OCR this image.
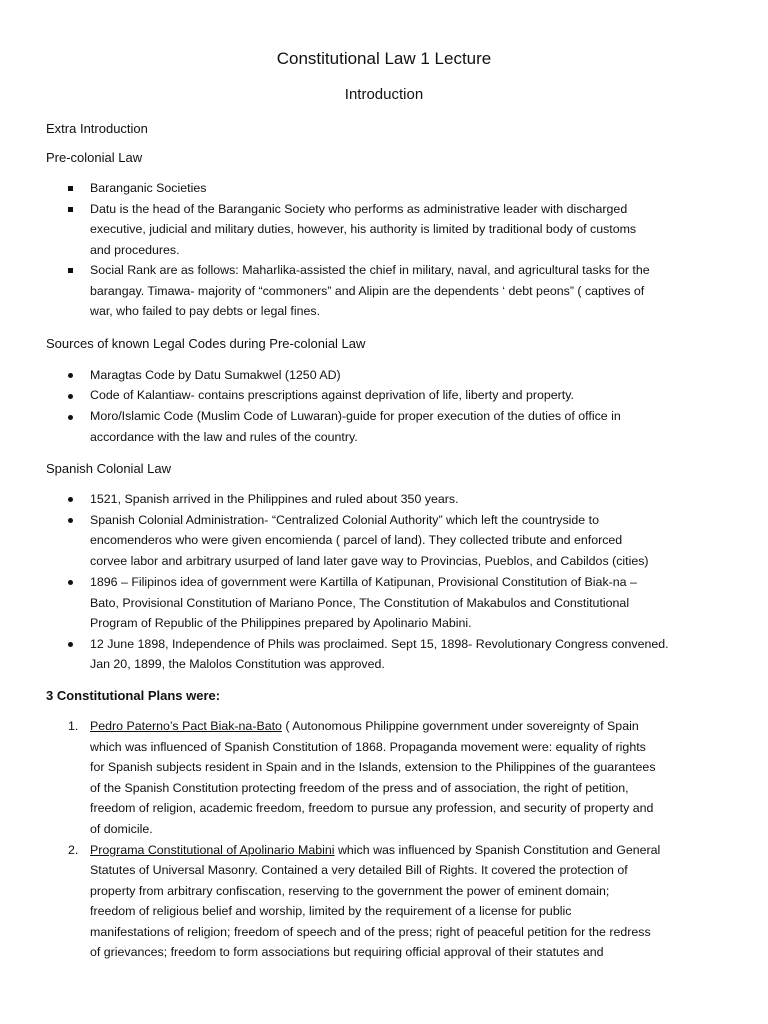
Constitutional Law 1 Lecture
Introduction
Extra Introduction
Pre-colonial Law
Baranganic Societies
Datu is the head of the Baranganic Society who performs as administrative leader with discharged
executive, judicial and military duties, however, his authority is limited by traditional body of customs
and procedures.
Social Rank are as follows: Maharlika-assisted the chief in military, naval, and agricultural tasks for the
barangay. Timawa- majority of “commoners” and Alipin are the dependents ‘ debt peons” ( captives of
war, who failed to pay debts or legal fines.
Sources of known Legal Codes during Pre-colonial Law
Maragtas Code by Datu Sumakwel (1250 AD)
Code of Kalantiaw- contains prescriptions against deprivation of life, liberty and property.
Moro/Islamic Code (Muslim Code of Luwaran)-guide for proper execution of the duties of office in
accordance with the law and rules of the country.
Spanish Colonial Law
1521, Spanish arrived in the Philippines and ruled about 350 years.
Spanish Colonial Administration- “Centralized Colonial Authority” which left the countryside to
encomenderos who were given encomienda ( parcel of land). They collected tribute and enforced
corvee labor and arbitrary usurped of land later gave way to Provincias, Pueblos, and Cabildos (cities)
1896 – Filipinos idea of government were Kartilla of Katipunan, Provisional Constitution of Biak-na –
Bato, Provisional Constitution of Mariano Ponce, The Constitution of Makabulos and Constitutional
Program of Republic of the Philippines prepared by Apolinario Mabini.
12 June 1898, Independence of Phils was proclaimed. Sept 15, 1898- Revolutionary Congress convened.
Jan 20, 1899, the Malolos Constitution was approved.
3 Constitutional Plans were:
1. Pedro Paterno’s Pact Biak-na-Bato ( Autonomous Philippine government under sovereignty of Spain
which was influenced of Spanish Constitution of 1868. Propaganda movement were: equality of rights
for Spanish subjects resident in Spain and in the Islands, extension to the Philippines of the guarantees
of the Spanish Constitution protecting freedom of the press and of association, the right of petition,
freedom of religion, academic freedom, freedom to pursue any profession, and security of property and
of domicile.
2. Programa Constitutional of Apolinario Mabini which was influenced by Spanish Constitution and General
Statutes of Universal Masonry. Contained a very detailed Bill of Rights. It covered the protection of
property from arbitrary confiscation, reserving to the government the power of eminent domain;
freedom of religious belief and worship, limited by the requirement of a license for public
manifestations of religion; freedom of speech and of the press; right of peaceful petition for the redress
of grievances; freedom to form associations but requiring official approval of their statutes and
